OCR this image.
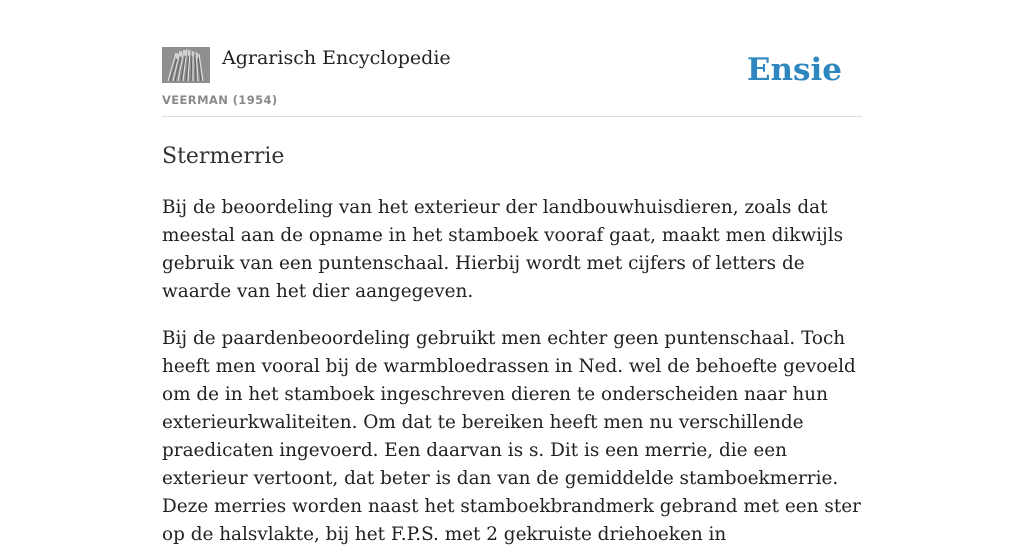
Agrarisch Encyclopedie
VEERMAN (1954)
Ensie
Stermerrie

Bij de beoordeling van het exterieur der landbouwhuisdieren, zoals dat meestal aan de opname in het stamboek vooraf gaat, maakt men dikwijls gebruik van een puntenschaal. Hierbij wordt met cijfers of letters de waarde van het dier aangegeven.

Bij de paardenbeoordeling gebruikt men echter geen puntenschaal. Toch heeft men vooral bij de warmbloedrassen in Ned. wel de behoefte gevoeld om de in het stamboek ingeschreven dieren te onderscheiden naar hun exterieurkwaliteiten. Om dat te bereiken heeft men nu verschillende praedicaten ingevoerd. Een daarvan is s. Dit is een merrie, die een exterieur vertoont, dat beter is dan van de gemiddelde stamboekmerrie. Deze merries worden naast het stamboekbrandmerk gebrand met een ster op de halsvlakte, bij het F.P.S. met 2 gekruiste driehoeken in
